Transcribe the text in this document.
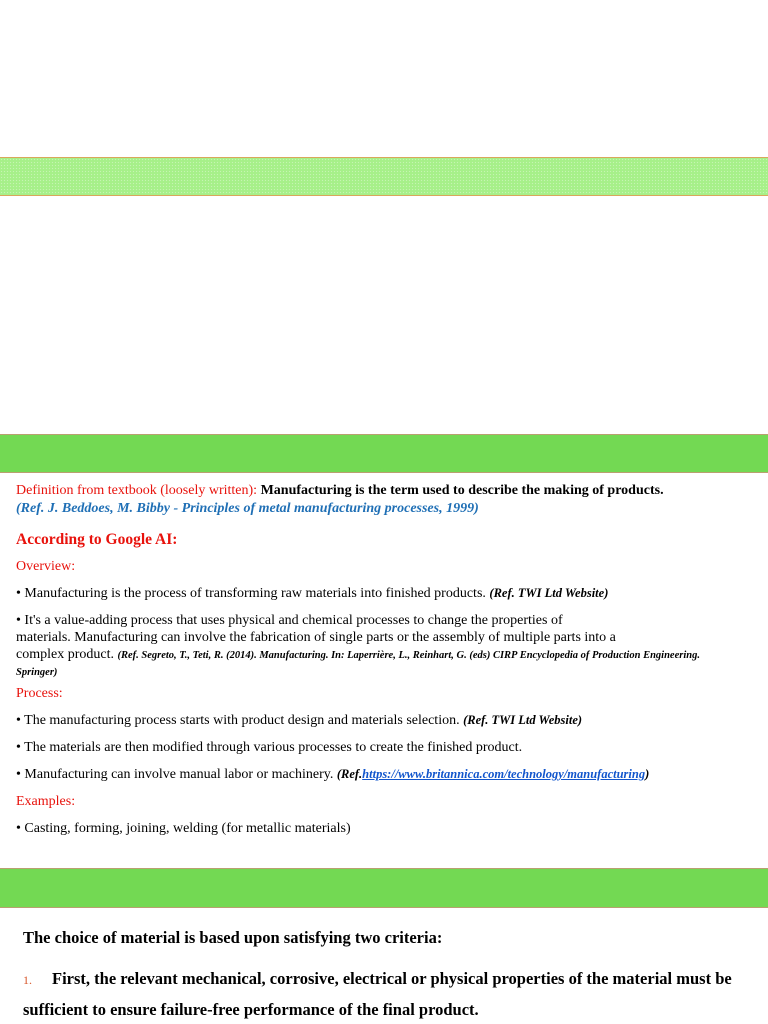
Definition from textbook (loosely written): Manufacturing is the term used to describe the making of products.
(Ref. J. Beddoes, M. Bibby - Principles of metal manufacturing processes, 1999)
According to Google AI:
Overview:
• Manufacturing is the process of transforming raw materials into finished products. (Ref. TWI Ltd Website)
• It's a value-adding process that uses physical and chemical processes to change the properties of
materials. Manufacturing can involve the fabrication of single parts or the assembly of multiple parts into a
complex product. (Ref. Segreto, T., Teti, R. (2014). Manufacturing. In: Laperrière, L., Reinhart, G. (eds) CIRP Encyclopedia of Production Engineering. Springer)
Process:
• The manufacturing process starts with product design and materials selection. (Ref. TWI Ltd Website)
• The materials are then modified through various processes to create the finished product.
• Manufacturing can involve manual labor or machinery. (Ref.https://www.britannica.com/technology/manufacturing)
Examples:
• Casting, forming, joining, welding (for metallic materials)
The choice of material is based upon satisfying two criteria:
1. First, the relevant mechanical, corrosive, electrical or physical properties of the material must be sufficient to ensure failure-free performance of the final product.
